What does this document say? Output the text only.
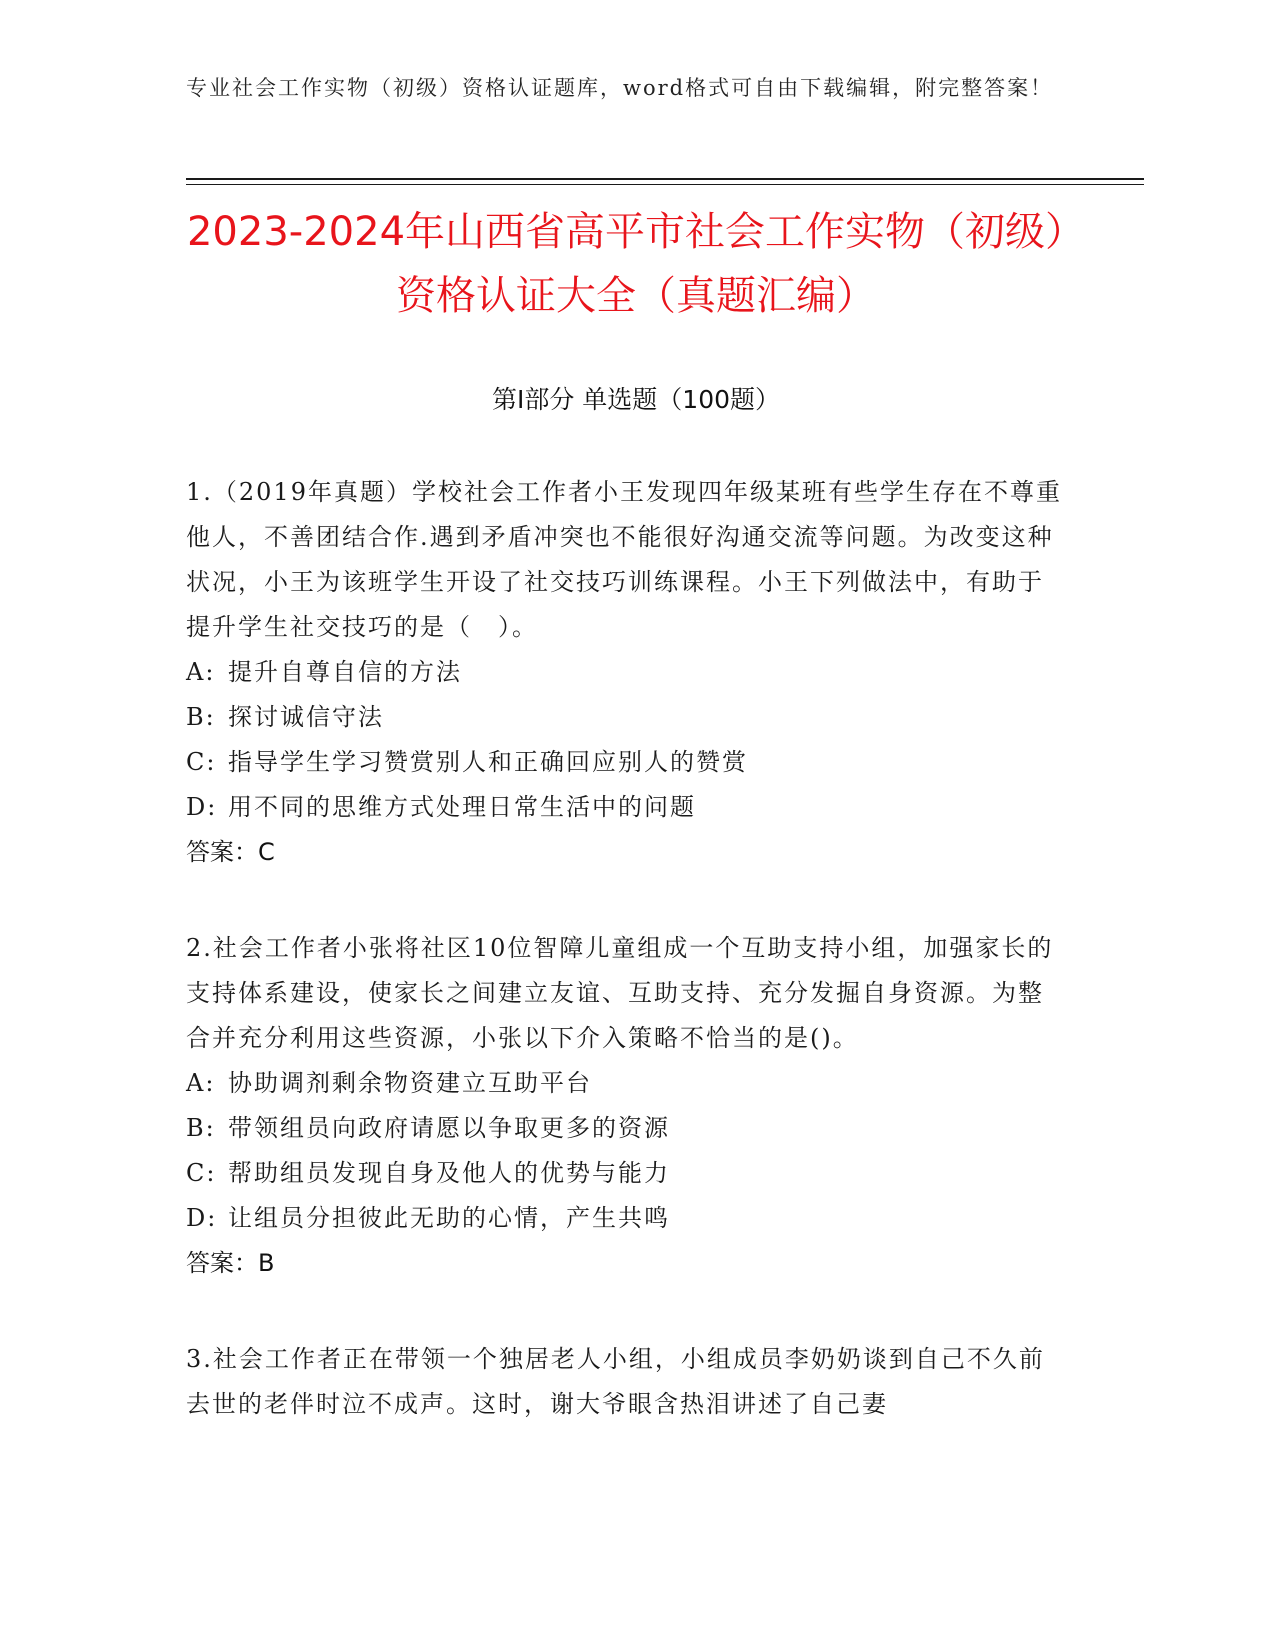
专业社会工作实物（初级）资格认证题库，word格式可自由下载编辑，附完整答案！
2023-2024年山西省高平市社会工作实物（初级）资格认证大全（真题汇编）
第Ⅰ部分 单选题（100题）
1.（2019年真题）学校社会工作者小王发现四年级某班有些学生存在不尊重他人，不善团结合作.遇到矛盾冲突也不能很好沟通交流等问题。为改变这种状况，小王为该班学生开设了社交技巧训练课程。小王下列做法中，有助于提升学生社交技巧的是（　）。
A: 提升自尊自信的方法
B: 探讨诚信守法
C: 指导学生学习赞赏别人和正确回应别人的赞赏
D: 用不同的思维方式处理日常生活中的问题
答案：C
2.社会工作者小张将社区10位智障儿童组成一个互助支持小组，加强家长的支持体系建设，使家长之间建立友谊、互助支持、充分发掘自身资源。为整合并充分利用这些资源，小张以下介入策略不恰当的是()。
A: 协助调剂剩余物资建立互助平台
B: 带领组员向政府请愿以争取更多的资源
C: 帮助组员发现自身及他人的优势与能力
D: 让组员分担彼此无助的心情，产生共鸣
答案：B
3.社会工作者正在带领一个独居老人小组，小组成员李奶奶谈到自己不久前去世的老伴时泣不成声。这时，谢大爷眼含热泪讲述了自己妻
